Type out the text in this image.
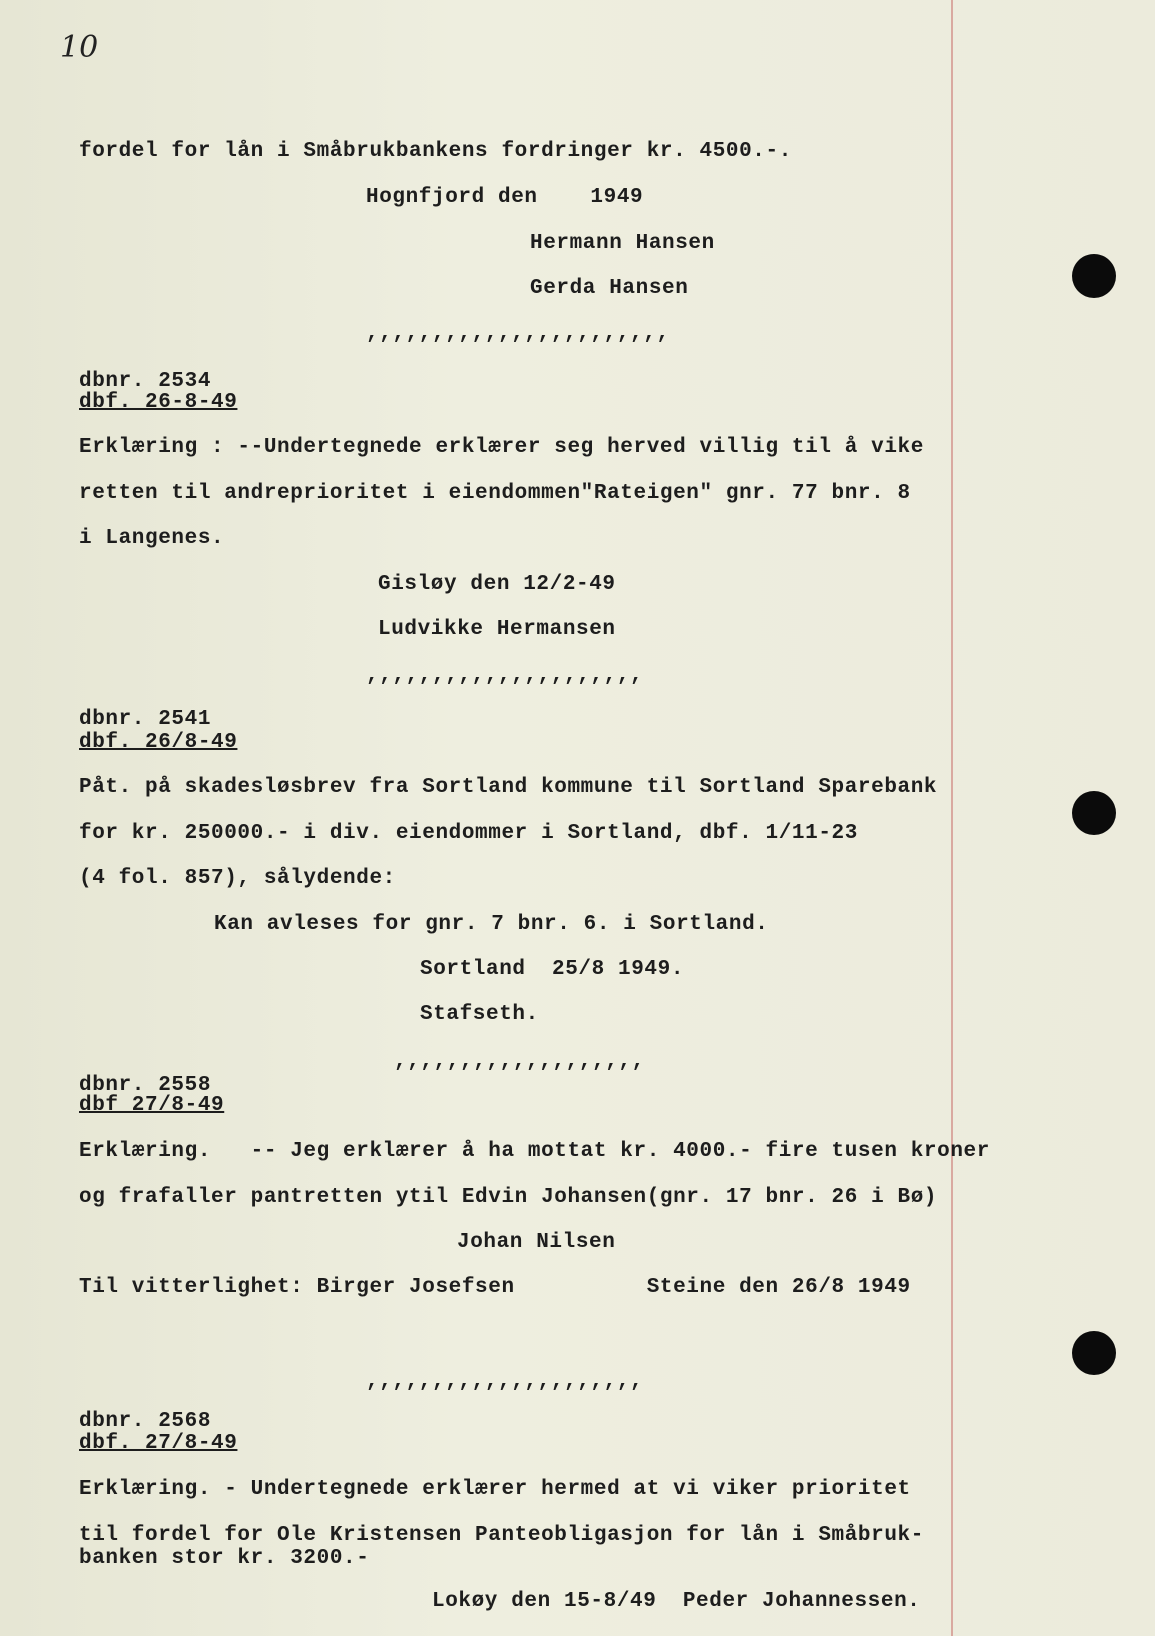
10
fordel for lån i Småbrukbankens fordringer kr. 4500.-.
Hognfjord den    1949
Hermann Hansen
Gerda Hansen
,,,,,,,,,,,,,,,,,,,,,,,
dbnr. 2534
dbf. 26-8-49
Erklæring : --Undertegnede erklærer seg herved villig til å vike
retten til andreprioritet i eiendommen"Rateigen" gnr. 77 bnr. 8
i Langenes.
Gisløy den 12/2-49
Ludvikke Hermansen
,,,,,,,,,,,,,,,,,,,,,
dbnr. 2541
dbf. 26/8-49
Påt. på skadesløsbrev fra Sortland kommune til Sortland Sparebank
for kr. 250000.- i div. eiendommer i Sortland, dbf. 1/11-23
(4 fol. 857), sålydende:
Kan avleses for gnr. 7 bnr. 6. i Sortland.
Sortland  25/8 1949.
Stafseth.
,,,,,,,,,,,,,,,,,,,
dbnr. 2558
dbf 27/8-49
Erklæring.   -- Jeg erklærer å ha mottat kr. 4000.- fire tusen kroner
og frafaller pantretten ytil Edvin Johansen(gnr. 17 bnr. 26 i Bø)
Johan Nilsen
Til vitterlighet: Birger Josefsen          Steine den 26/8 1949
,,,,,,,,,,,,,,,,,,,,,
dbnr. 2568
dbf. 27/8-49
Erklæring. - Undertegnede erklærer hermed at vi viker prioritet
til fordel for Ole Kristensen Panteobligasjon for lån i Småbruk-
banken stor kr. 3200.-
Lokøy den 15-8/49  Peder Johannessen.
